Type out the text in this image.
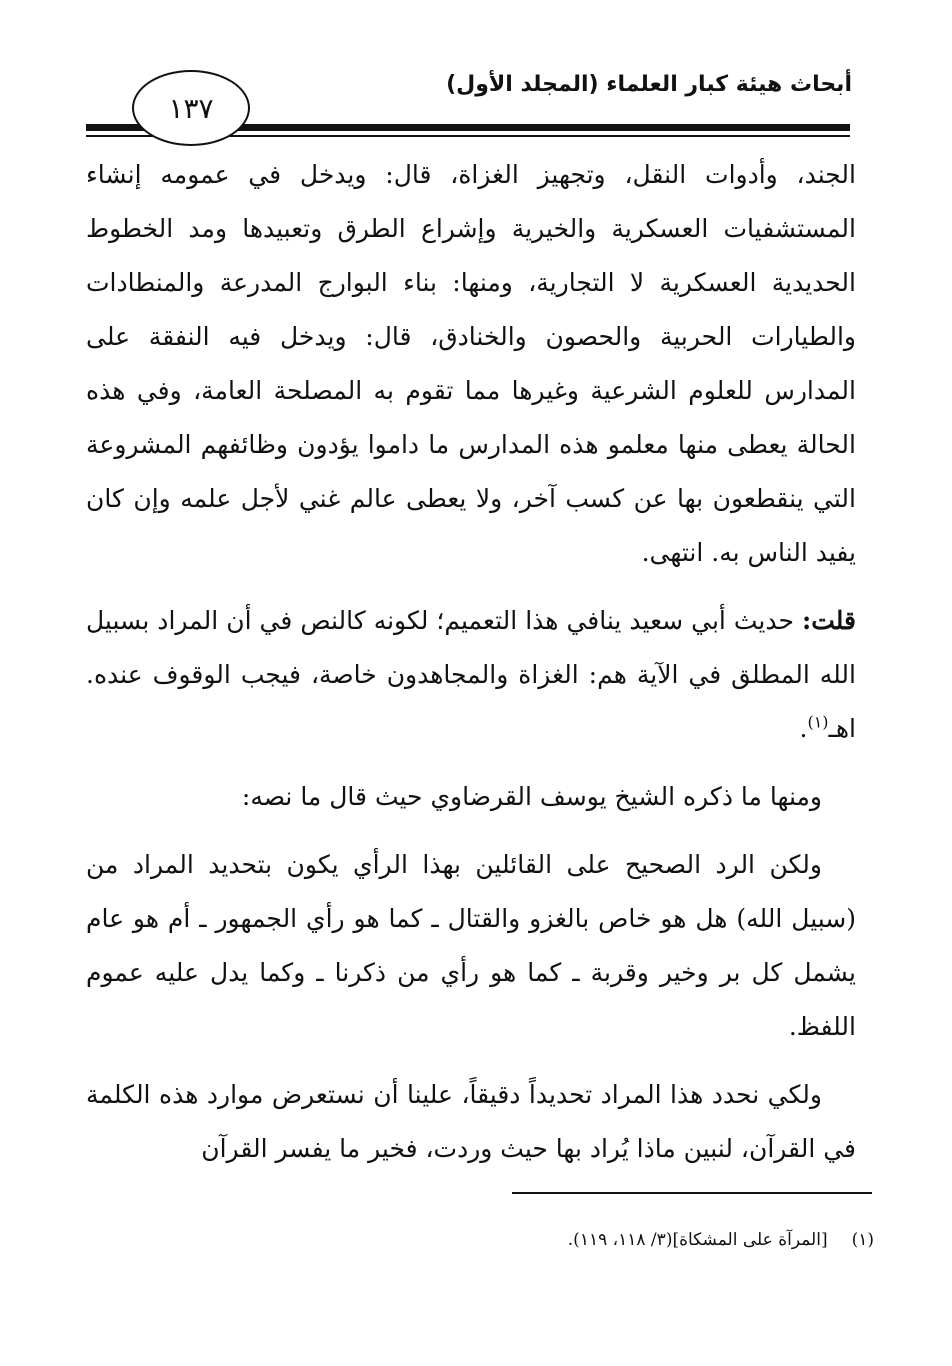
أبحاث هيئة كبار العلماء (المجلد الأول)
١٣٧

الجند، وأدوات النقل، وتجهيز الغزاة، قال: ويدخل في عمومه إنشاء المستشفيات العسكرية والخيرية وإشراع الطرق وتعبيدها ومد الخطوط الحديدية العسكرية لا التجارية، ومنها: بناء البوارج المدرعة والمنطادات والطيارات الحربية والحصون والخنادق، قال: ويدخل فيه النفقة على المدارس للعلوم الشرعية وغيرها مما تقوم به المصلحة العامة، وفي هذه الحالة يعطى منها معلمو هذه المدارس ما داموا يؤدون وظائفهم المشروعة التي ينقطعون بها عن كسب آخر، ولا يعطى عالم غني لأجل علمه وإن كان يفيد الناس به. انتهى.

قلت: حديث أبي سعيد ينافي هذا التعميم؛ لكونه كالنص في أن المراد بسبيل الله المطلق في الآية هم: الغزاة والمجاهدون خاصة، فيجب الوقوف عنده. اهـ$^{(١)}$.

ومنها ما ذكره الشيخ يوسف القرضاوي حيث قال ما نصه:

ولكن الرد الصحيح على القائلين بهذا الرأي يكون بتحديد المراد من (سبيل الله) هل هو خاص بالغزو والقتال ـ كما هو رأي الجمهور ـ أم هو عام يشمل كل بر وخير وقربة ـ كما هو رأي من ذكرنا ـ وكما يدل عليه عموم اللفظ.

ولكي نحدد هذا المراد تحديداً دقيقاً، علينا أن نستعرض موارد هذه الكلمة في القرآن، لنبين ماذا يُراد بها حيث وردت، فخير ما يفسر القرآن

(١)[المرآة على المشكاة](٣/ ١١٨، ١١٩).
